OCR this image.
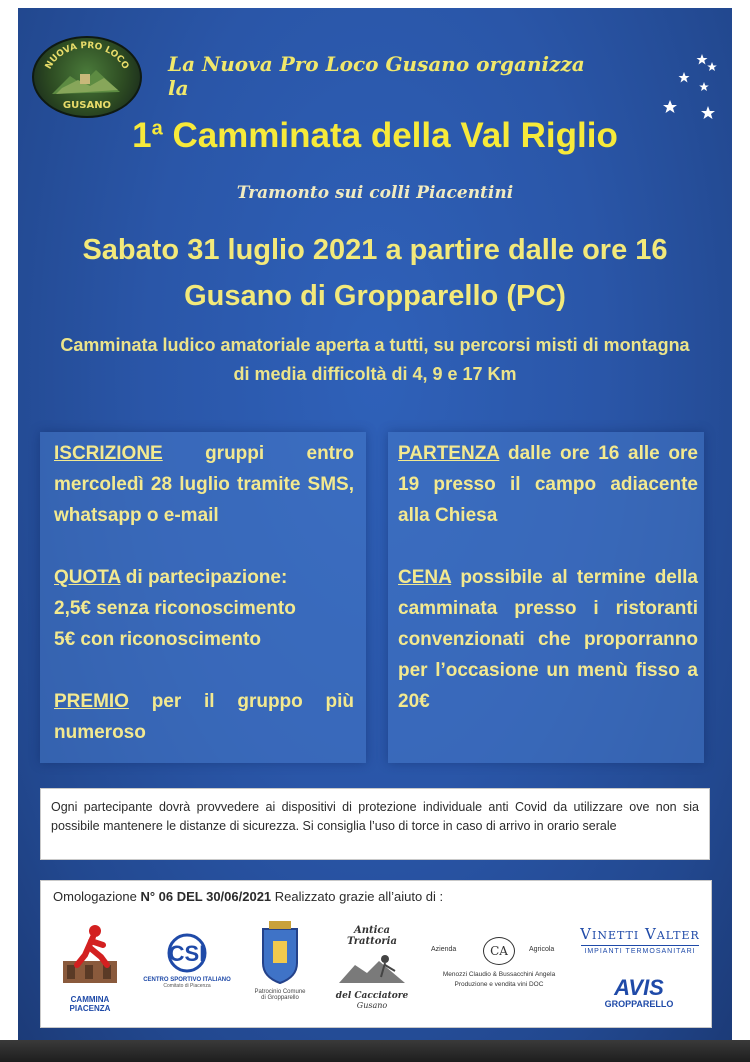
NUOVA PRO LOCO
GUSANO
La Nuova Pro Loco Gusano organizza la
1$^a$ Camminata della Val Riglio
Tramonto sui colli Piacentini
Sabato 31 luglio 2021 a partire dalle ore 16
Gusano di Gropparello (PC)
Camminata ludico amatoriale aperta a tutti, su percorsi misti di montagna di media difficoltà di 4, 9 e 17 Km

ISCRIZIONE gruppi entro mercoledì 28 luglio tramite SMS, whatsapp o e-mail

QUOTA di partecipazione:
2,5€ senza riconoscimento
5€ con riconoscimento

PREMIO per il gruppo più numeroso

PARTENZA dalle ore 16 alle ore 19 presso il campo adiacente alla Chiesa

CENA possibile al termine della camminata presso i ristoranti convenzionati che proporranno per l’occasione un menù fisso a 20€

Ogni partecipante dovrà provvedere ai dispositivi di protezione individuale anti Covid da utilizzare ove non sia possibile mantenere le distanze di sicurezza. Si consiglia l’uso di torce in caso di arrivo in orario serale
Omologazione N° 06 DEL 30/06/2021 Realizzato grazie all’aiuto di :
CAMMINA PIACENZA
CSI
CENTRO SPORTIVO ITALIANO
Comitato di Piacenza
Patrocinio Comune
di Gropparello
Antica Trattoria
del Cacciatore
Gusano
Azienda	CA	Agricola
Menozzi Claudio & Bussacchini Angela
Produzione e vendita vini DOC
Vinetti Valter
IMPIANTI TERMOSANITARI
AVIS
GROPPARELLO
